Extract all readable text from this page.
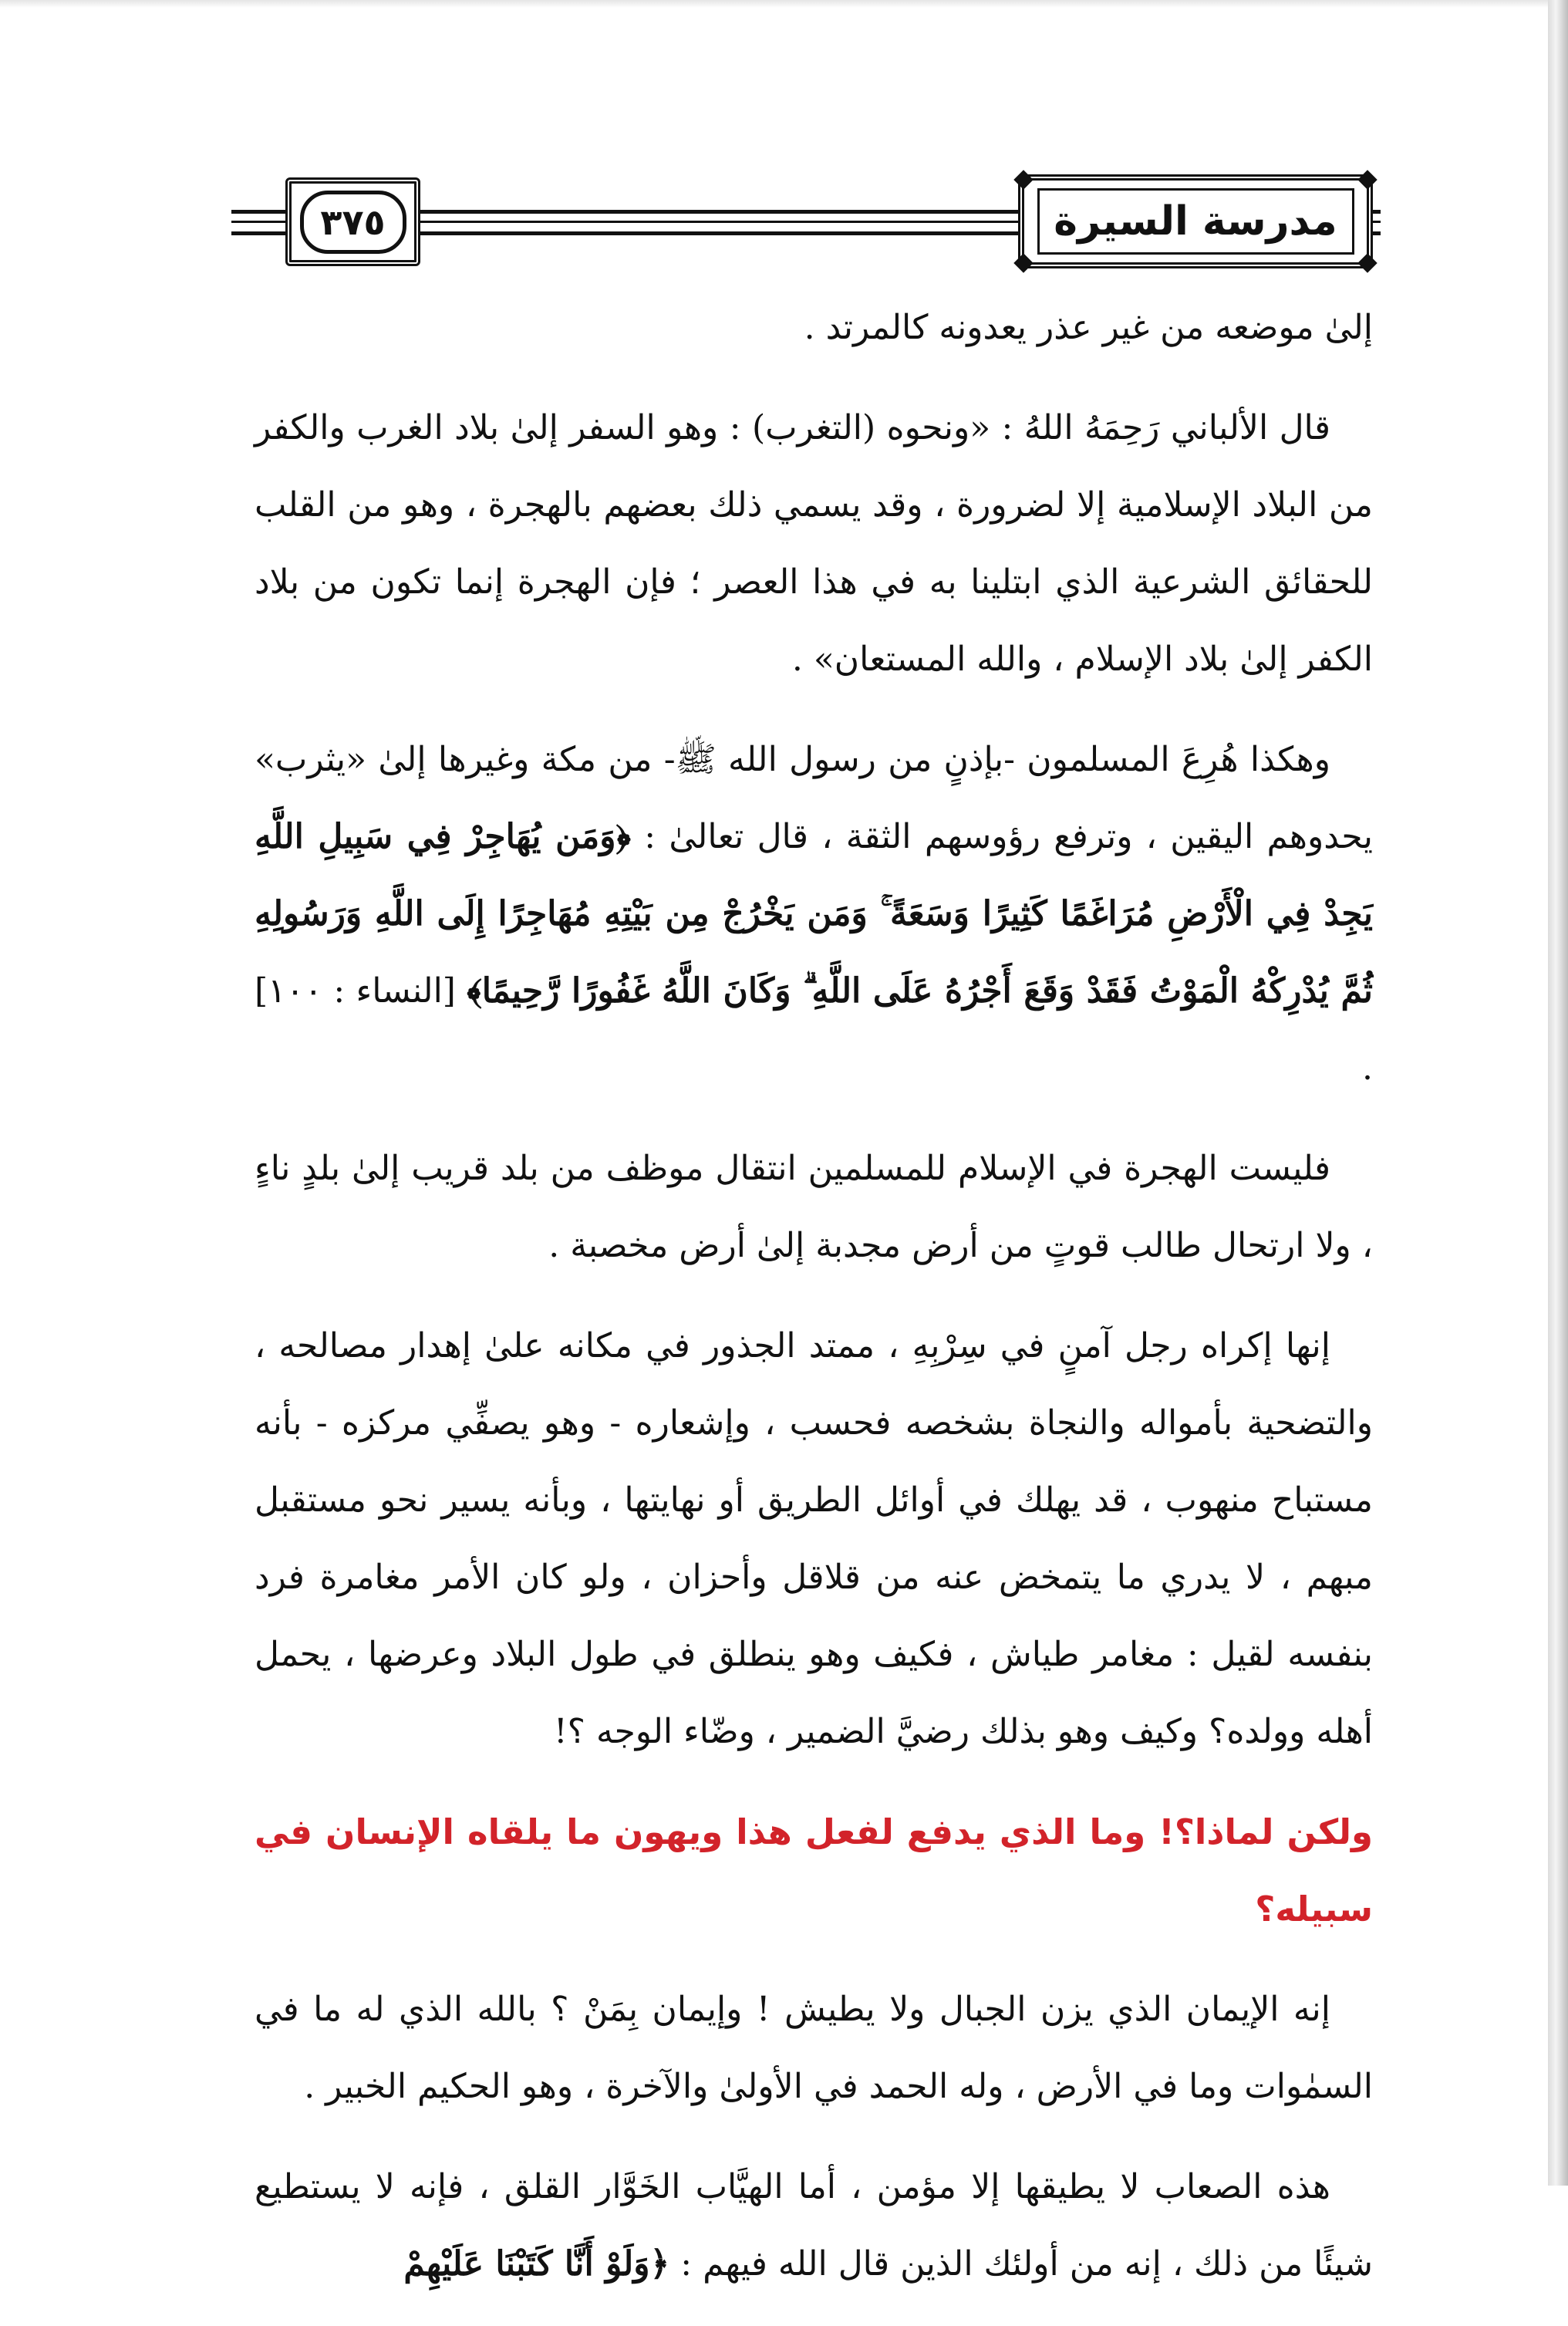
٣٧٥	مدرسة السيرة

إلىٰ موضعه من غير عذر يعدونه كالمرتد .

قال الألباني رَحِمَهُ اللهُ : «ونحوه (التغرب) : وهو السفر إلىٰ بلاد الغرب والكفر من البلاد الإسلامية إلا لضرورة ، وقد يسمي ذلك بعضهم بالهجرة ، وهو من القلب للحقائق الشرعية الذي ابتلينا به في هذا العصر ؛ فإن الهجرة إنما تكون من بلاد الكفر إلىٰ بلاد الإسلام ، والله المستعان» .

وهكذا هُرِعَ المسلمون -بإذنٍ من رسول الله ﷺ- من مكة وغيرها إلىٰ «يثرب» يحدوهم اليقين ، وترفع رؤوسهم الثقة ، قال تعالىٰ : ﴿وَمَن يُهَاجِرْ فِي سَبِيلِ اللَّهِ يَجِدْ فِي الْأَرْضِ مُرَاغَمًا كَثِيرًا وَسَعَةً ۚ وَمَن يَخْرُجْ مِن بَيْتِهِ مُهَاجِرًا إِلَى اللَّهِ وَرَسُولِهِ ثُمَّ يُدْرِكْهُ الْمَوْتُ فَقَدْ وَقَعَ أَجْرُهُ عَلَى اللَّهِ ۗ وَكَانَ اللَّهُ غَفُورًا رَّحِيمًا﴾ [النساء : ١٠٠] .

فليست الهجرة في الإسلام للمسلمين انتقال موظف من بلد قريب إلىٰ بلدٍ ناءٍ ، ولا ارتحال طالب قوتٍ من أرض مجدبة إلىٰ أرض مخصبة .

إنها إكراه رجل آمنٍ في سِرْبِهِ ، ممتد الجذور في مكانه علىٰ إهدار مصالحه ، والتضحية بأمواله والنجاة بشخصه فحسب ، وإشعاره - وهو يصفِّي مركزه - بأنه مستباح منهوب ، قد يهلك في أوائل الطريق أو نهايتها ، وبأنه يسير نحو مستقبل مبهم ، لا يدري ما يتمخض عنه من قلاقل وأحزان ، ولو كان الأمر مغامرة فرد بنفسه لقيل : مغامر طياش ، فكيف وهو ينطلق في طول البلاد وعرضها ، يحمل أهله وولده؟ وكيف وهو بذلك رضيَّ الضمير ، وضّاء الوجه ؟!

ولكن لماذا؟! وما الذي يدفع لفعل هذا ويهون ما يلقاه الإنسان في سبيله؟

إنه الإيمان الذي يزن الجبال ولا يطيش ! وإيمان بِمَنْ ؟ بالله الذي له ما في السمٰوات وما في الأرض ، وله الحمد في الأولىٰ والآخرة ، وهو الحكيم الخبير .

هذه الصعاب لا يطيقها إلا مؤمن ، أما الهيَّاب الخَوَّار القلق ، فإنه لا يستطيع شيئًا من ذلك ، إنه من أولئك الذين قال الله فيهم : ﴿وَلَوْ أَنَّا كَتَبْنَا عَلَيْهِمْ
